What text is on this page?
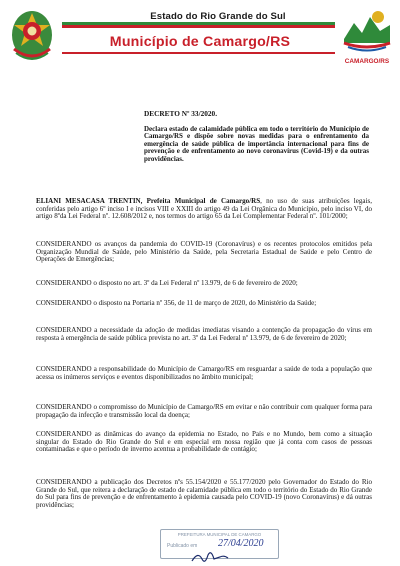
Estado do Rio Grande do Sul
Município de Camargo/RS
CAMARGO/RS
DECRETO Nº 33/2020.
Declara estado de calamidade pública em todo o território do Município de Camargo/RS e dispõe sobre novas medidas para o enfrentamento da emergência de saúde pública de importância internacional para fins de prevenção e de enfrentamento ao novo coronavírus (Covid-19) e da outras providências.
ELIANI MESACASA TRENTIN, Prefeita Municipal de Camargo/RS, no uso de suas atribuições legais, conferidas pelo artigo 6º inciso I e incisos VIII e XXIII do artigo 49 da Lei Orgânica do Município, pelo inciso VI, do artigo 8ºda Lei Federal nº. 12.608/2012 e, nos termos do artigo 65 da Lei Complementar Federal nº. 101/2000;
CONSIDERANDO os avanços da pandemia do COVID-19 (Coronavírus) e os recentes protocolos emitidos pela Organização Mundial de Saúde, pelo Ministério da Saúde, pela Secretaria Estadual de Saúde e pelo Centro de Operações de Emergências;
CONSIDERANDO o disposto no art. 3º da Lei Federal nº 13.979, de 6 de fevereiro de 2020;
CONSIDERANDO o disposto na Portaria nº 356, de 11 de março de 2020, do Ministério da Saúde;
CONSIDERANDO a necessidade da adoção de medidas imediatas visando a contenção da propagação do vírus em resposta à emergência de saúde pública prevista no art. 3º da Lei Federal nº 13.979, de 6 de fevereiro de 2020;
CONSIDERANDO a responsabilidade do Município de Camargo/RS em resguardar a saúde de toda a população que acessa os inúmeros serviços e eventos disponibilizados no âmbito municipal;
CONSIDERANDO o compromisso do Município de Camargo/RS em evitar e não contribuir com qualquer forma para propagação da infecção e transmissão local da doença;
CONSIDERANDO as dinâmicas do avanço da epidemia no Estado, no País e no Mundo, bem como a situação singular do Estado do Rio Grande do Sul e em especial em nossa região que já conta com casos de pessoas contaminadas e que o período de inverno acentua a probabilidade de contágio;
CONSIDERANDO a publicação dos Decretos nºs 55.154/2020 e 55.177/2020 pelo Governador do Estado do Rio Grande do Sul, que reitera a declaração de estado de calamidade pública em todo o território do Estado do Rio Grande do Sul para fins de prevenção e de enfrentamento à epidemia causada pelo COVID-19 (novo Coronavírus) e dá outras providências;
PREFEITURA MUNICIPAL DE CAMARGO
Publicado em 27/04/2020
